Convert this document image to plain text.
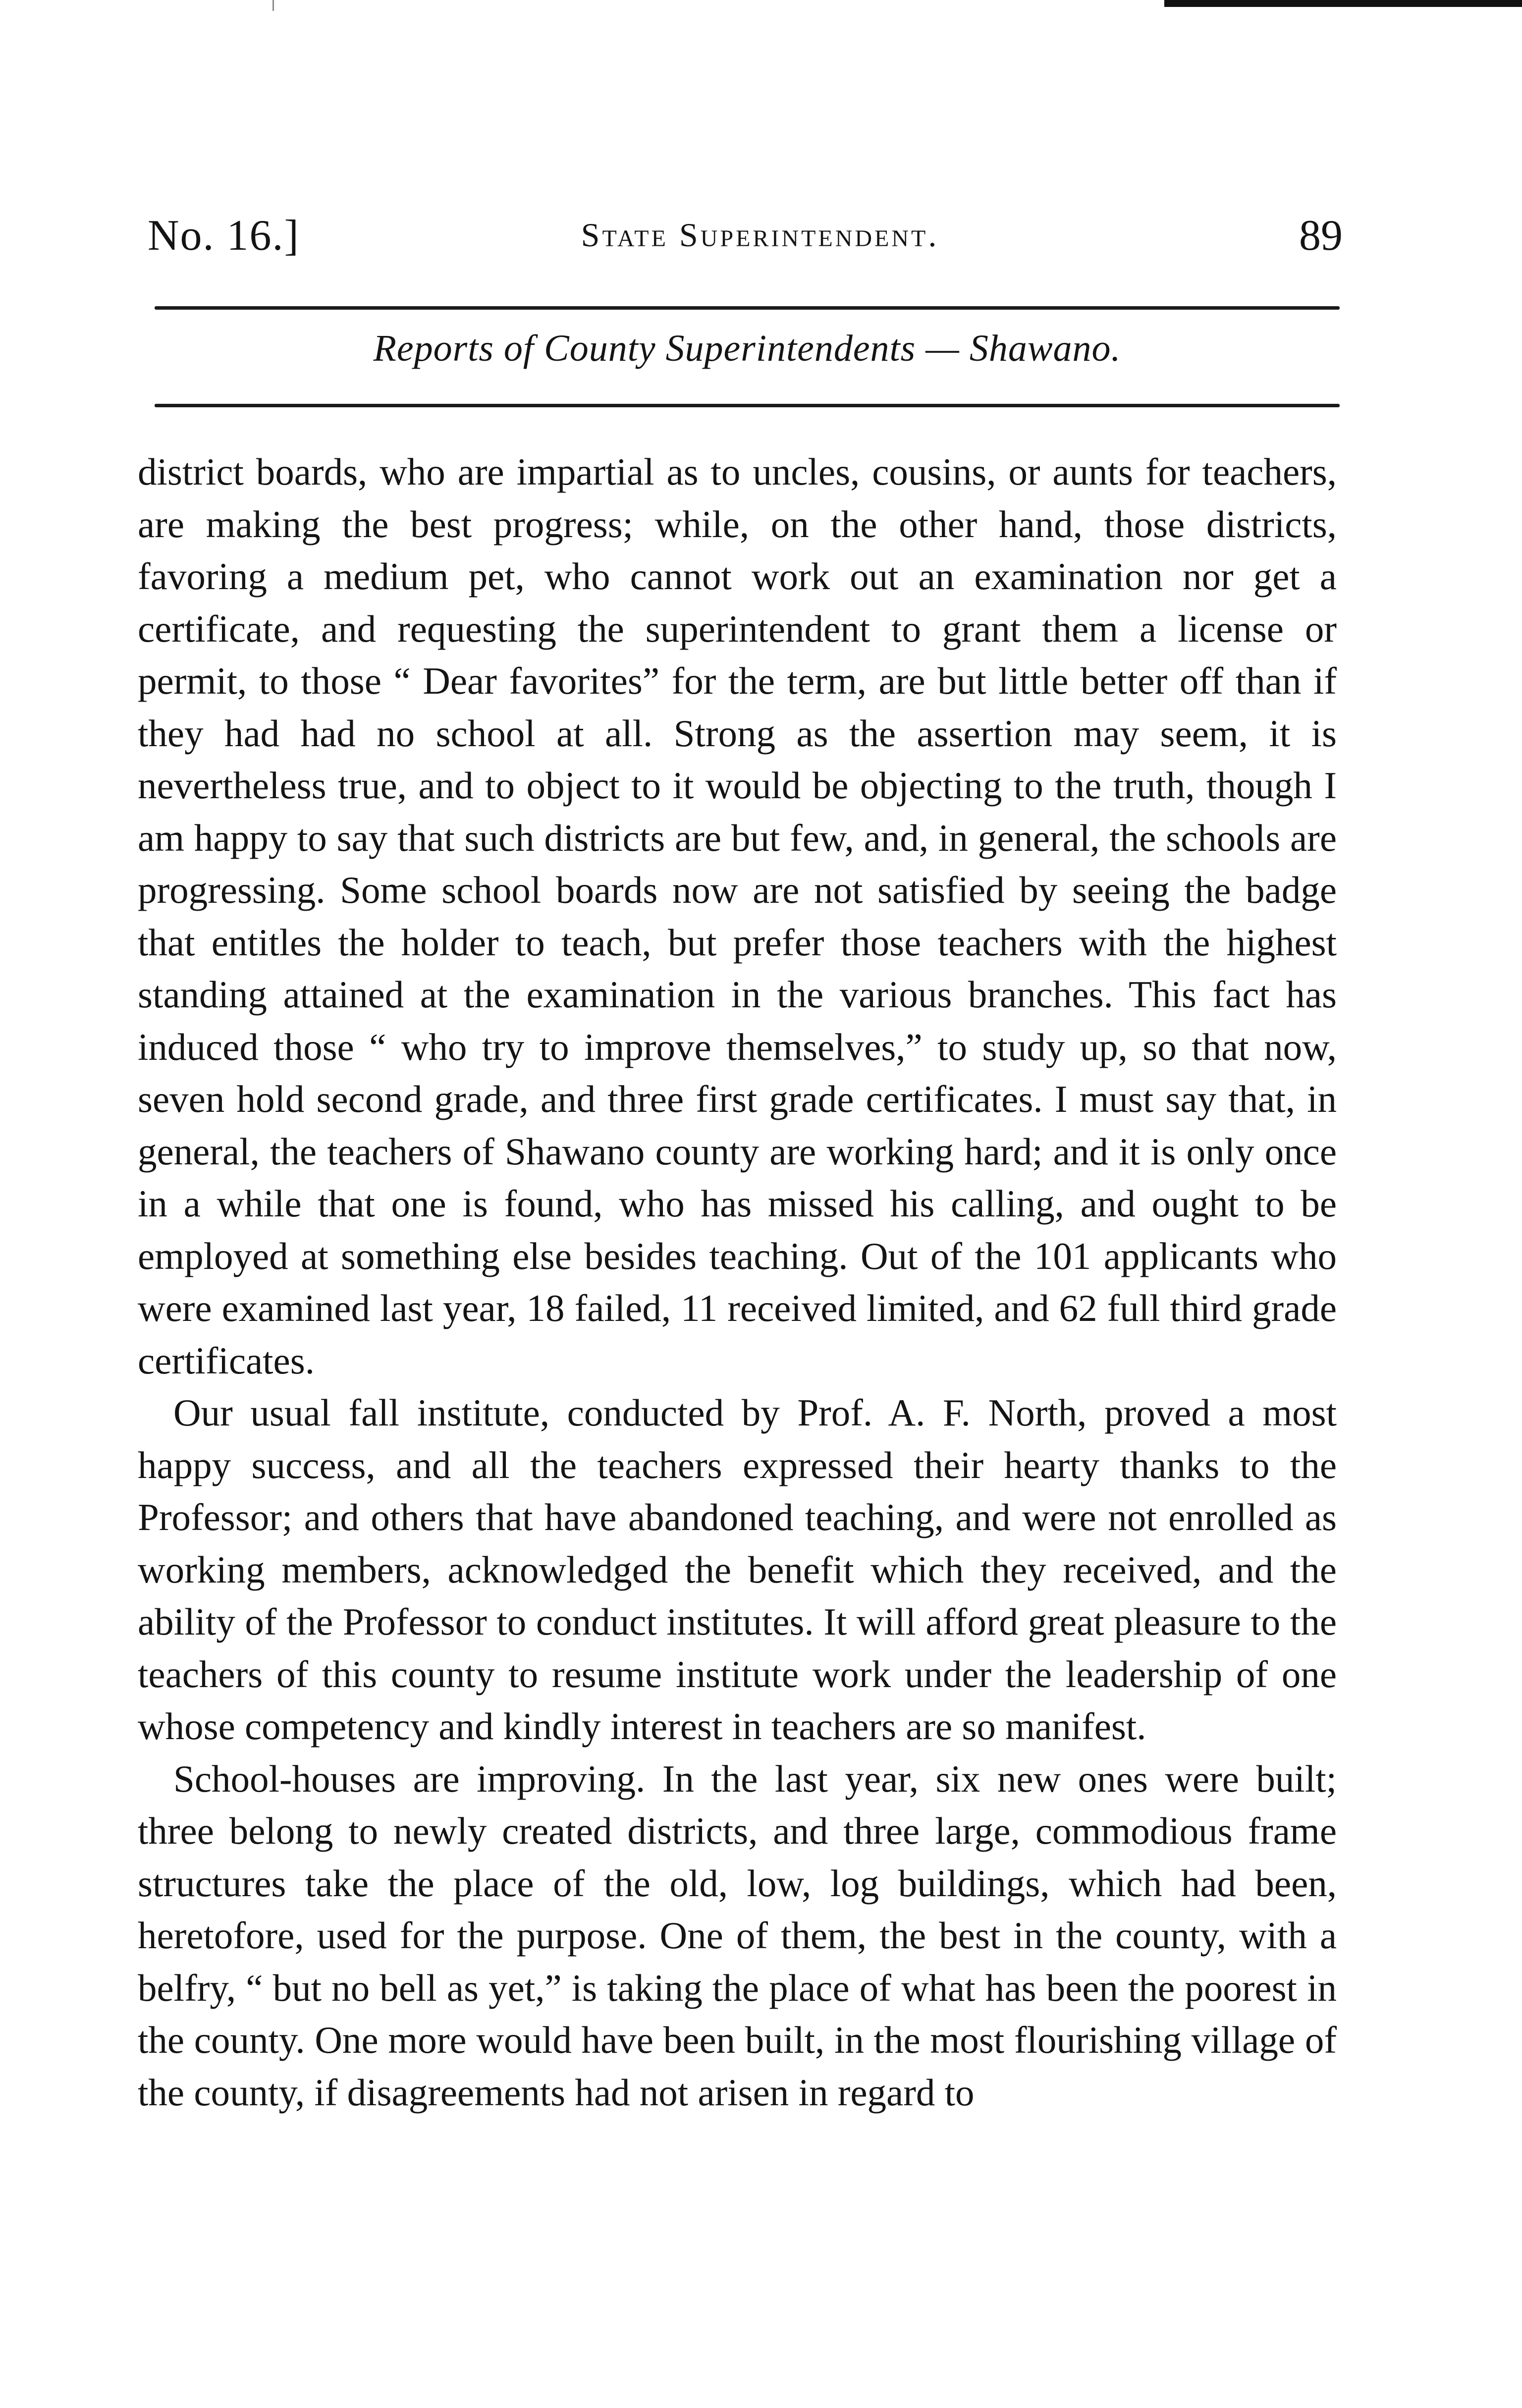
No. 16.]	State Superintendent.	89
Reports of County Superintendents — Shawano.

district boards, who are impartial as to uncles, cousins, or aunts for teachers, are making the best progress; while, on the other hand, those districts, favoring a medium pet, who cannot work out an examination nor get a certificate, and requesting the superintendent to grant them a license or permit, to those “ Dear favorites” for the term, are but little better off than if they had had no school at all. Strong as the assertion may seem, it is nevertheless true, and to object to it would be objecting to the truth, though I am happy to say that such districts are but few, and, in general, the schools are progressing. Some school boards now are not satisfied by seeing the badge that entitles the holder to teach, but prefer those teachers with the highest standing attained at the examination in the various branches. This fact has induced those “ who try to improve themselves,” to study up, so that now, seven hold second grade, and three first grade certificates. I must say that, in general, the teachers of Shawano county are working hard; and it is only once in a while that one is found, who has missed his calling, and ought to be employed at something else besides teaching. Out of the 101 applicants who were examined last year, 18 failed, 11 received limited, and 62 full third grade certificates.

Our usual fall institute, conducted by Prof. A. F. North, proved a most happy success, and all the teachers expressed their hearty thanks to the Professor; and others that have abandoned teaching, and were not enrolled as working members, acknowledged the benefit which they received, and the ability of the Professor to conduct institutes. It will afford great pleasure to the teachers of this county to resume institute work under the leadership of one whose competency and kindly interest in teachers are so manifest.

School-houses are improving. In the last year, six new ones were built; three belong to newly created districts, and three large, commodious frame structures take the place of the old, low, log buildings, which had been, heretofore, used for the purpose. One of them, the best in the county, with a belfry, “ but no bell as yet,” is taking the place of what has been the poorest in the county. One more would have been built, in the most flourishing village of the county, if disagreements had not arisen in regard to
